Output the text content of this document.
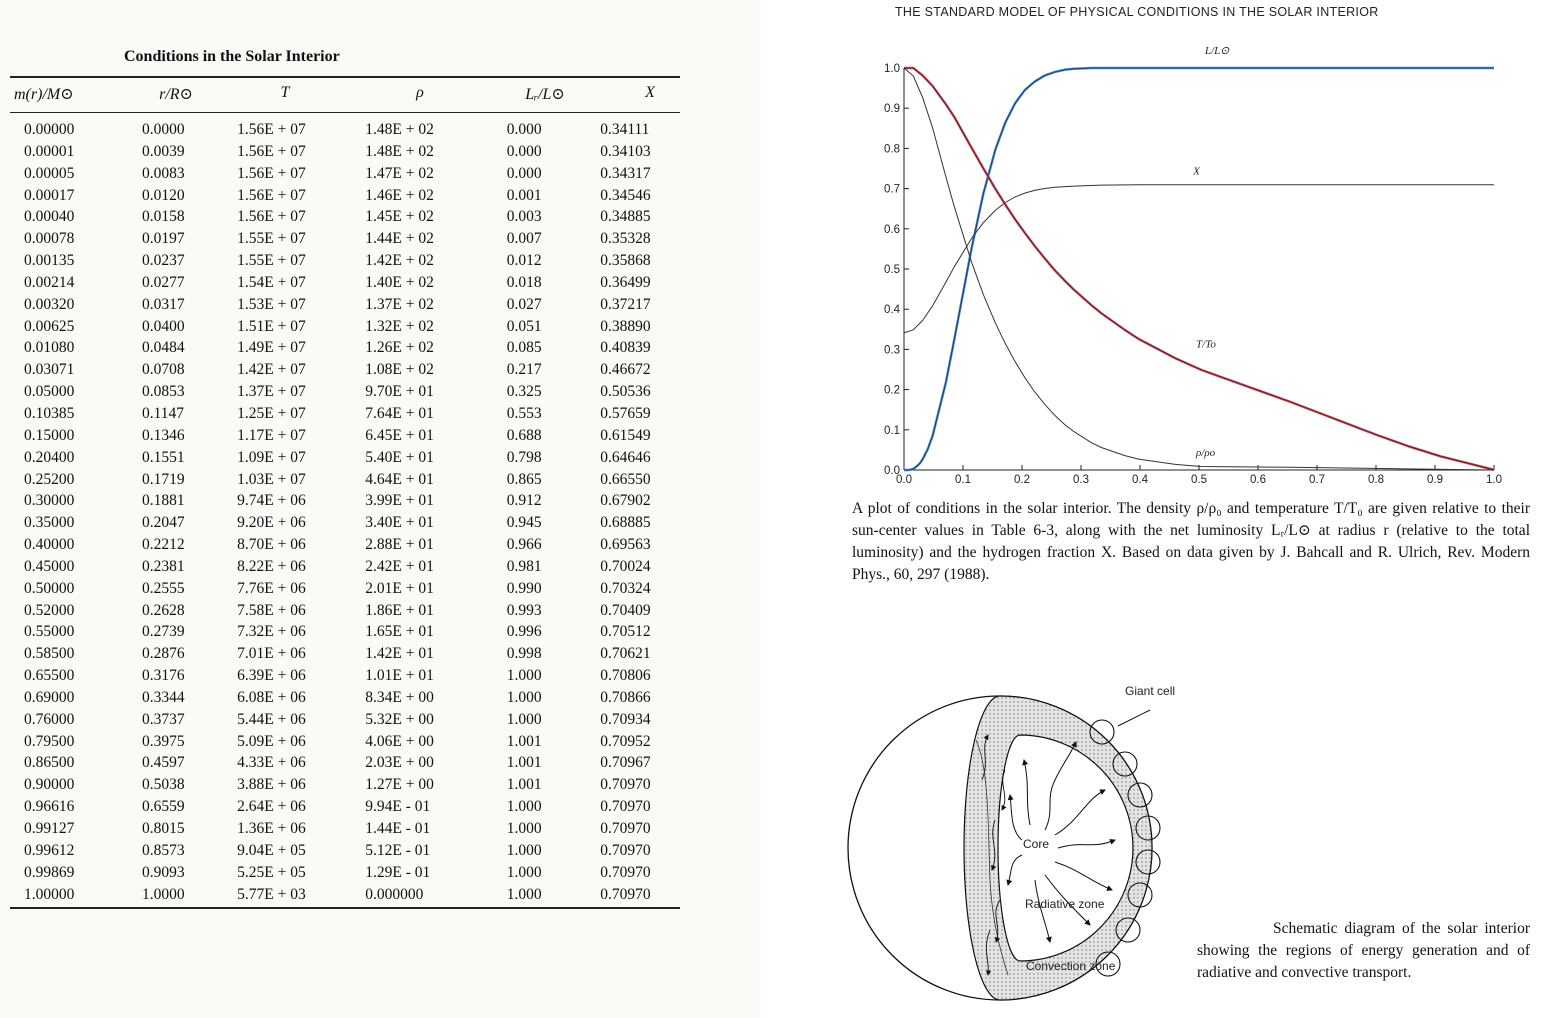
Conditions in the Solar Interior
m(r)/M⊙	r/R⊙	T	ρ	Lᵣ/L⊙	X
0.00000	0.0000	1.56E + 07	1.48E + 02	0.000	0.34111
0.00001	0.0039	1.56E + 07	1.48E + 02	0.000	0.34103
0.00005	0.0083	1.56E + 07	1.47E + 02	0.000	0.34317
0.00017	0.0120	1.56E + 07	1.46E + 02	0.001	0.34546
0.00040	0.0158	1.56E + 07	1.45E + 02	0.003	0.34885
0.00078	0.0197	1.55E + 07	1.44E + 02	0.007	0.35328
0.00135	0.0237	1.55E + 07	1.42E + 02	0.012	0.35868
0.00214	0.0277	1.54E + 07	1.40E + 02	0.018	0.36499
0.00320	0.0317	1.53E + 07	1.37E + 02	0.027	0.37217
0.00625	0.0400	1.51E + 07	1.32E + 02	0.051	0.38890
0.01080	0.0484	1.49E + 07	1.26E + 02	0.085	0.40839
0.03071	0.0708	1.42E + 07	1.08E + 02	0.217	0.46672
0.05000	0.0853	1.37E + 07	9.70E + 01	0.325	0.50536
0.10385	0.1147	1.25E + 07	7.64E + 01	0.553	0.57659
0.15000	0.1346	1.17E + 07	6.45E + 01	0.688	0.61549
0.20400	0.1551	1.09E + 07	5.40E + 01	0.798	0.64646
0.25200	0.1719	1.03E + 07	4.64E + 01	0.865	0.66550
0.30000	0.1881	9.74E + 06	3.99E + 01	0.912	0.67902
0.35000	0.2047	9.20E + 06	3.40E + 01	0.945	0.68885
0.40000	0.2212	8.70E + 06	2.88E + 01	0.966	0.69563
0.45000	0.2381	8.22E + 06	2.42E + 01	0.981	0.70024
0.50000	0.2555	7.76E + 06	2.01E + 01	0.990	0.70324
0.52000	0.2628	7.58E + 06	1.86E + 01	0.993	0.70409
0.55000	0.2739	7.32E + 06	1.65E + 01	0.996	0.70512
0.58500	0.2876	7.01E + 06	1.42E + 01	0.998	0.70621
0.65500	0.3176	6.39E + 06	1.01E + 01	1.000	0.70806
0.69000	0.3344	6.08E + 06	8.34E + 00	1.000	0.70866
0.76000	0.3737	5.44E + 06	5.32E + 00	1.000	0.70934
0.79500	0.3975	5.09E + 06	4.06E + 00	1.001	0.70952
0.86500	0.4597	4.33E + 06	2.03E + 00	1.001	0.70967
0.90000	0.5038	3.88E + 06	1.27E + 00	1.001	0.70970
0.96616	0.6559	2.64E + 06	9.94E - 01	1.000	0.70970
0.99127	0.8015	1.36E + 06	1.44E - 01	1.000	0.70970
0.99612	0.8573	9.04E + 05	5.12E - 01	1.000	0.70970
0.99869	0.9093	5.25E + 05	1.29E - 01	1.000	0.70970
1.00000	1.0000	5.77E + 03	0.000000	1.000	0.70970
THE STANDARD MODEL OF PHYSICAL CONDITIONS IN THE SOLAR INTERIOR
0.0
0.1
0.2
0.3
0.4
0.5
0.6
0.7
0.8
0.9
1.0
0.0	0.1	0.2	0.3	0.4	0.5	0.6	0.7	0.8	0.9	1.0
L/L⊙
X
T/To
ρ/ρo
A plot of conditions in the solar interior. The density ρ/ρ₀ and temperature T/T₀ are given relative to their sun-center values in Table 6-3, along with the net luminosity Lᵣ/L⊙ at radius r (relative to the total luminosity) and the hydrogen fraction X. Based on data given by J. Bahcall and R. Ulrich, Rev. Modern Phys., 60, 297 (1988).
Giant cell
Core
Radiative zone
Convection zone
Schematic diagram of the solar interior showing the regions of energy generation and of radiative and convective transport.
